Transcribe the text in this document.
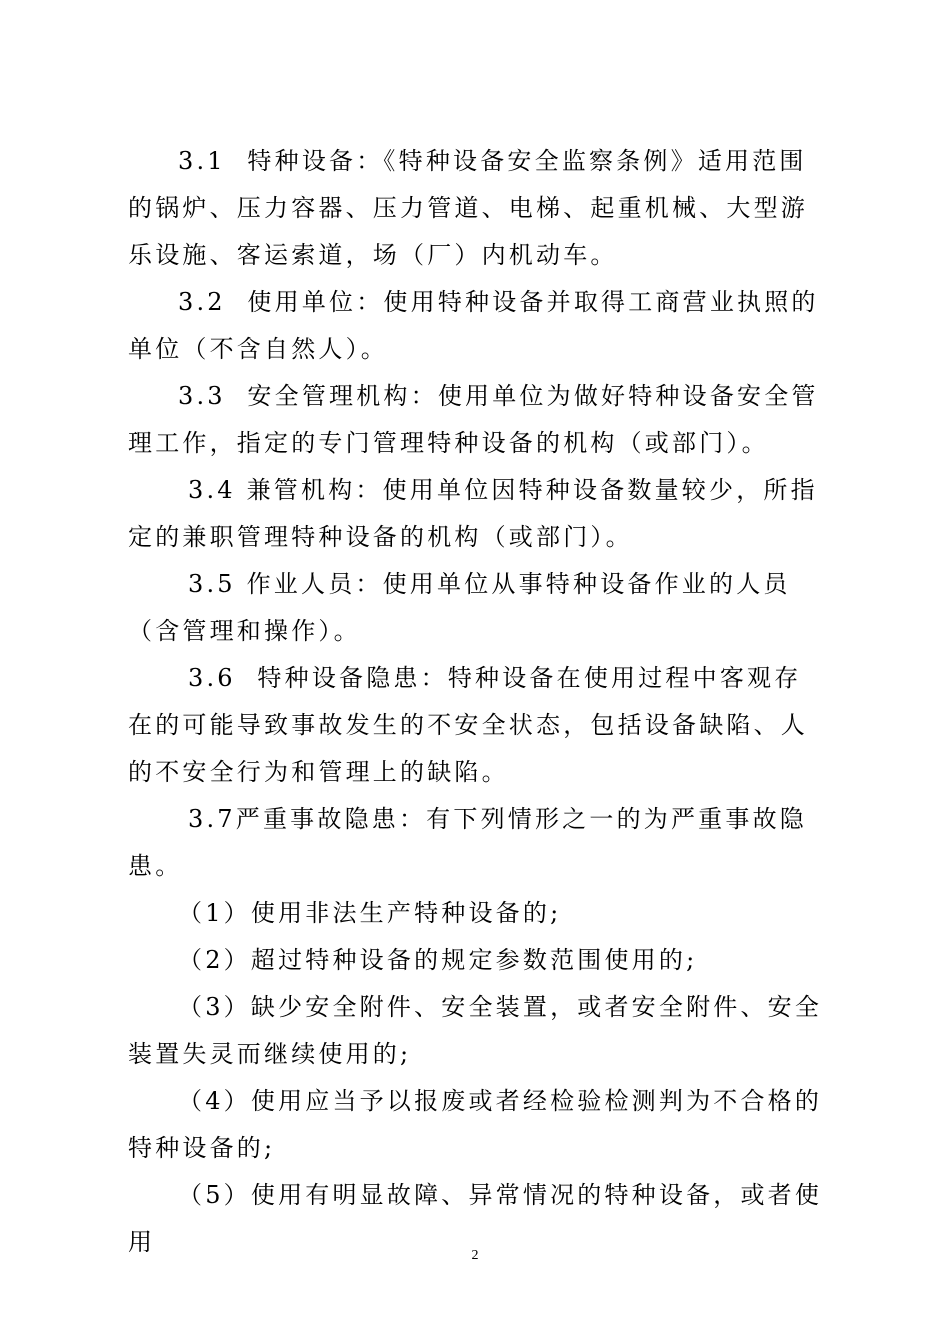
3.1  特种设备：《特种设备安全监察条例》适用范围的锅炉、压力容器、压力管道、电梯、起重机械、大型游乐设施、客运索道，场（厂）内机动车。

3.2  使用单位：使用特种设备并取得工商营业执照的单位（不含自然人）。

3.3  安全管理机构：使用单位为做好特种设备安全管理工作，指定的专门管理特种设备的机构（或部门）。

3.4 兼管机构：使用单位因特种设备数量较少，所指定的兼职管理特种设备的机构（或部门）。

3.5 作业人员：使用单位从事特种设备作业的人员（含管理和操作）。

3.6  特种设备隐患：特种设备在使用过程中客观存在的可能导致事故发生的不安全状态，包括设备缺陷、人的不安全行为和管理上的缺陷。

3.7严重事故隐患：有下列情形之一的为严重事故隐患。

（1）使用非法生产特种设备的;

（2）超过特种设备的规定参数范围使用的;

（3）缺少安全附件、安全装置，或者安全附件、安全装置失灵而继续使用的;

（4）使用应当予以报废或者经检验检测判为不合格的特种设备的;

（5）使用有明显故障、异常情况的特种设备，或者使用	2
